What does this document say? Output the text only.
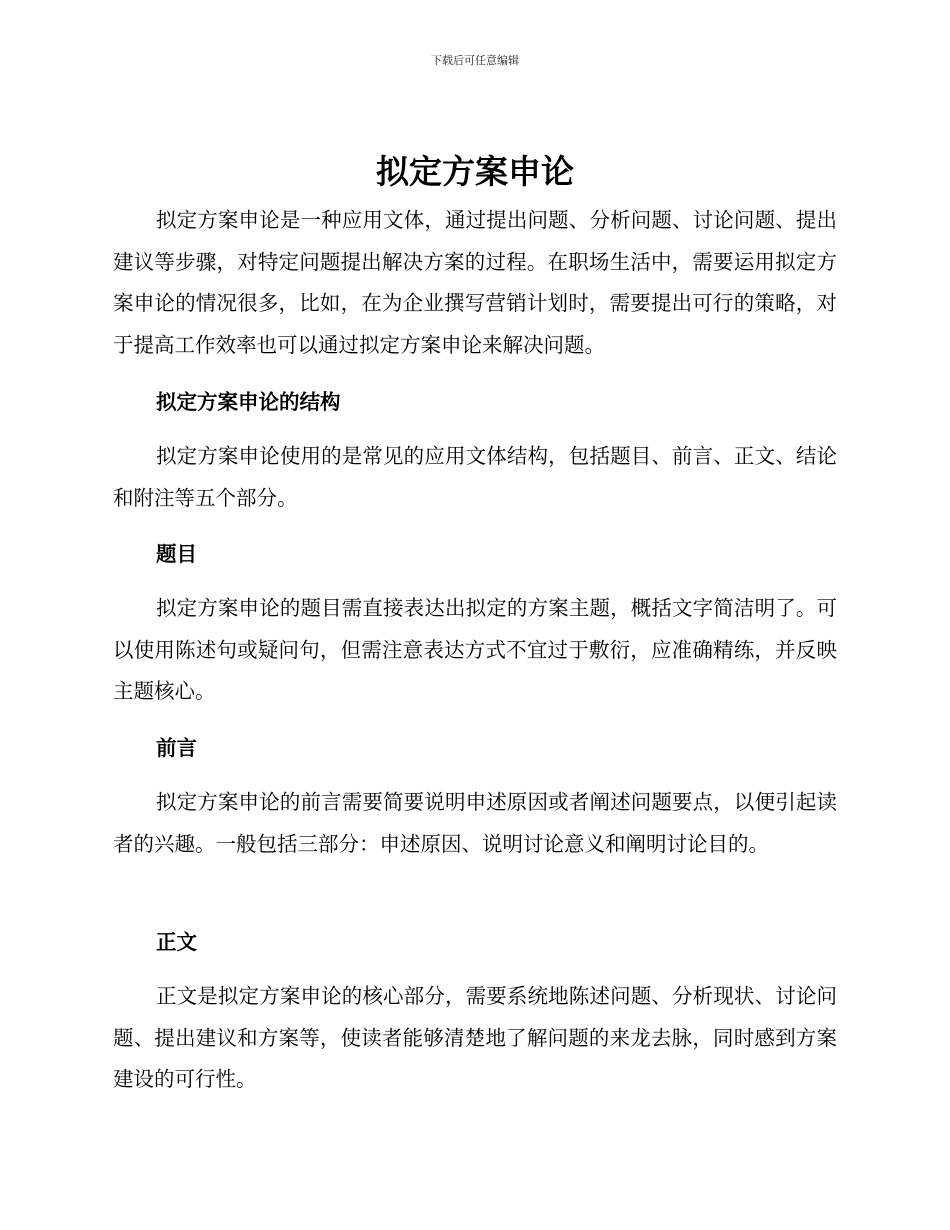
下载后可任意编辑
拟定方案申论

拟定方案申论是一种应用文体，通过提出问题、分析问题、讨论问题、提出建议等步骤，对特定问题提出解决方案的过程。在职场生活中，需要运用拟定方案申论的情况很多，比如，在为企业撰写营销计划时，需要提出可行的策略，对于提高工作效率也可以通过拟定方案申论来解决问题。

拟定方案申论的结构

拟定方案申论使用的是常见的应用文体结构，包括题目、前言、正文、结论和附注等五个部分。

题目

拟定方案申论的题目需直接表达出拟定的方案主题，概括文字简洁明了。可以使用陈述句或疑问句，但需注意表达方式不宜过于敷衍，应准确精练，并反映主题核心。

前言

拟定方案申论的前言需要简要说明申述原因或者阐述问题要点，以便引起读者的兴趣。一般包括三部分：申述原因、说明讨论意义和阐明讨论目的。

正文

正文是拟定方案申论的核心部分，需要系统地陈述问题、分析现状、讨论问题、提出建议和方案等，使读者能够清楚地了解问题的来龙去脉，同时感到方案建设的可行性。
